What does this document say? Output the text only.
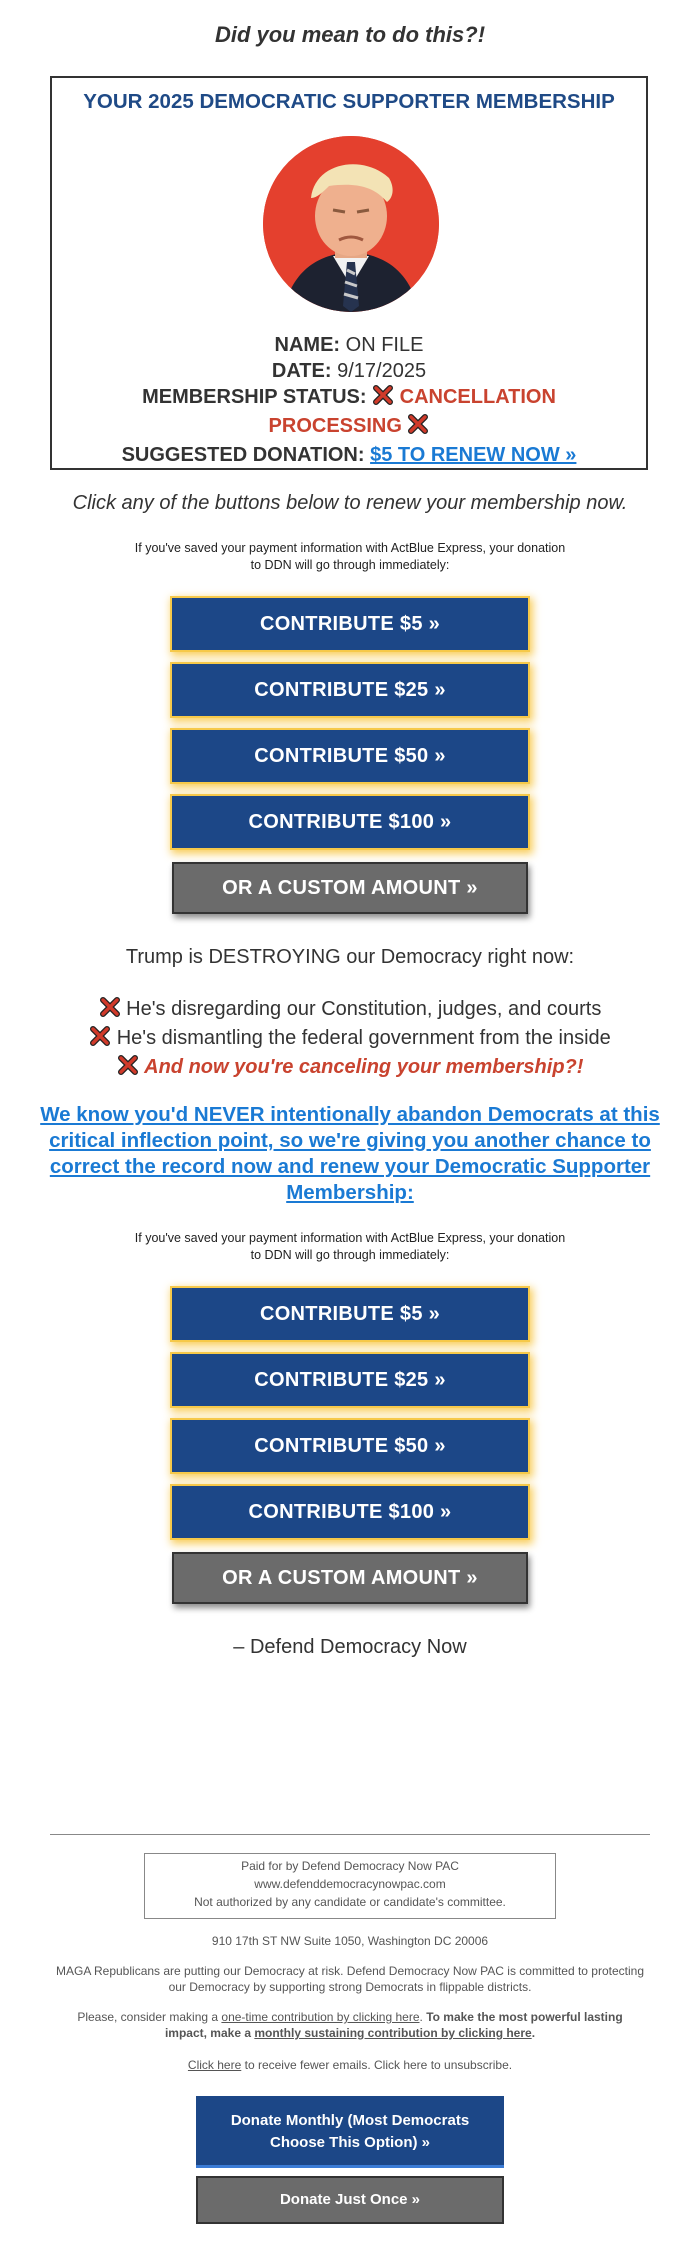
Did you mean to do this?!
YOUR 2025 DEMOCRATIC SUPPORTER MEMBERSHIP
NAME: ON FILE
DATE: 9/17/2025
MEMBERSHIP STATUS: CANCELLATION
PROCESSING
SUGGESTED DONATION: $5 TO RENEW NOW »
Click any of the buttons below to renew your membership now.
If you've saved your payment information with ActBlue Express, your donation
to DDN will go through immediately:
CONTRIBUTE $5 »
CONTRIBUTE $25 »
CONTRIBUTE $50 »
CONTRIBUTE $100 »
OR A CUSTOM AMOUNT »
Trump is DESTROYING our Democracy right now:
He's disregarding our Constitution, judges, and courts
He's dismantling the federal government from the inside
And now you're canceling your membership?!
We know you'd NEVER intentionally abandon Democrats at this critical inflection point, so we're giving you another chance to correct the record now and renew your Democratic Supporter Membership:
If you've saved your payment information with ActBlue Express, your donation
to DDN will go through immediately:
CONTRIBUTE $5 »
CONTRIBUTE $25 »
CONTRIBUTE $50 »
CONTRIBUTE $100 »
OR A CUSTOM AMOUNT »
– Defend Democracy Now
Paid for by Defend Democracy Now PAC
www.defenddemocracynowpac.com
Not authorized by any candidate or candidate's committee.
910 17th ST NW Suite 1050, Washington DC 20006
MAGA Republicans are putting our Democracy at risk. Defend Democracy Now PAC is committed to protecting our Democracy by supporting strong Democrats in flippable districts.
Please, consider making a one-time contribution by clicking here. To make the most powerful lasting impact, make a monthly sustaining contribution by clicking here.
Click here to receive fewer emails. Click here to unsubscribe.
Donate Monthly (Most Democrats
Choose This Option) »
Donate Just Once »
